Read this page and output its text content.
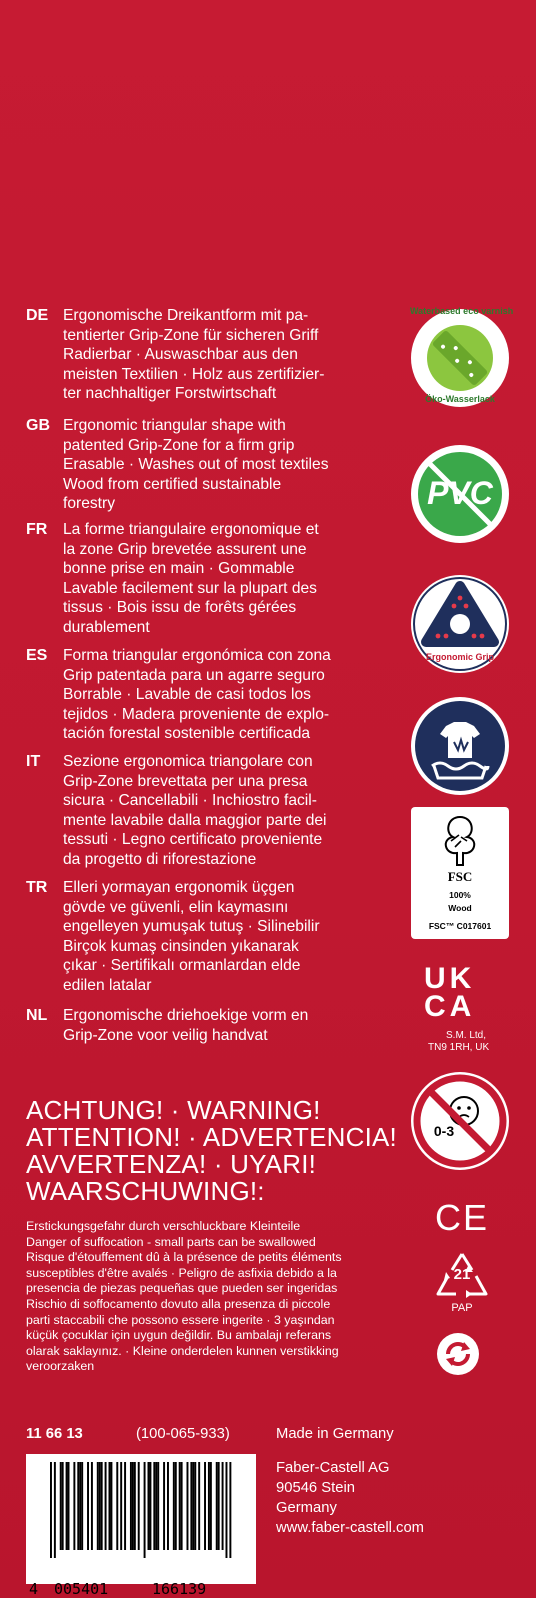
DE Ergonomische Dreikantform mit pa-
tentierter Grip-Zone für sicheren Griff
Radierbar · Auswaschbar aus den
meisten Textilien · Holz aus zertifizier-
ter nachhaltiger Forstwirtschaft
GB Ergonomic triangular shape with
patented Grip-Zone for a firm grip
Erasable · Washes out of most textiles
Wood from certified sustainable
forestry
FR La forme triangulaire ergonomique et
la zone Grip brevetée assurent une
bonne prise en main · Gommable
Lavable facilement sur la plupart des
tissus · Bois issu de forêts gérées
durablement
ES Forma triangular ergonómica con zona
Grip patentada para un agarre seguro
Borrable · Lavable de casi todos los
tejidos · Madera proveniente de explo-
tación forestal sostenible certificada
IT Sezione ergonomica triangolare con
Grip-Zone brevettata per una presa
sicura · Cancellabili · Inchiostro facil-
mente lavabile dalla maggior parte dei
tessuti · Legno certificato proveniente
da progetto di riforestazione
TR Elleri yormayan ergonomik üçgen
gövde ve güvenli, elin kaymasını
engelleyen yumuşak tutuş · Silinebilir
Birçok kumaş cinsinden yıkanarak
çıkar · Sertifikalı ormanlardan elde
edilen latalar
NL Ergonomische driehoekige vorm en
Grip-Zone voor veilig handvat
ACHTUNG! · WARNING!
ATTENTION! · ADVERTENCIA!
AVVERTENZA! · UYARI!
WAARSCHUWING!:
Erstickungsgefahr durch verschluckbare Kleinteile
Danger of suffocation - small parts can be swallowed
Risque d'étouffement dû à la présence de petits éléments
susceptibles d'être avalés · Peligro de asfixia debido a la
presencia de piezas pequeñas que pueden ser ingeridas
Rischio di soffocamento dovuto alla presenza di piccole
parti staccabili che possono essere ingerite · 3 yaşından
küçük çocuklar için uygun değildir. Bu ambalajı referans
olarak saklayınız. · Kleine onderdelen kunnen verstikking
veroorzaken
11 66 13	(100-065-933)	Made in Germany
Faber-Castell AG
90546 Stein
Germany
www.faber-castell.com
4 005401	166139
Waterbased eco varnish
Öko-Wasserlack
PVC
Ergonomic Grip
FSC
100%
Wood
FSC™ C017601
UK
CA
S.M. Ltd,
TN9 1RH, UK
0-3
CE
21
PAP
